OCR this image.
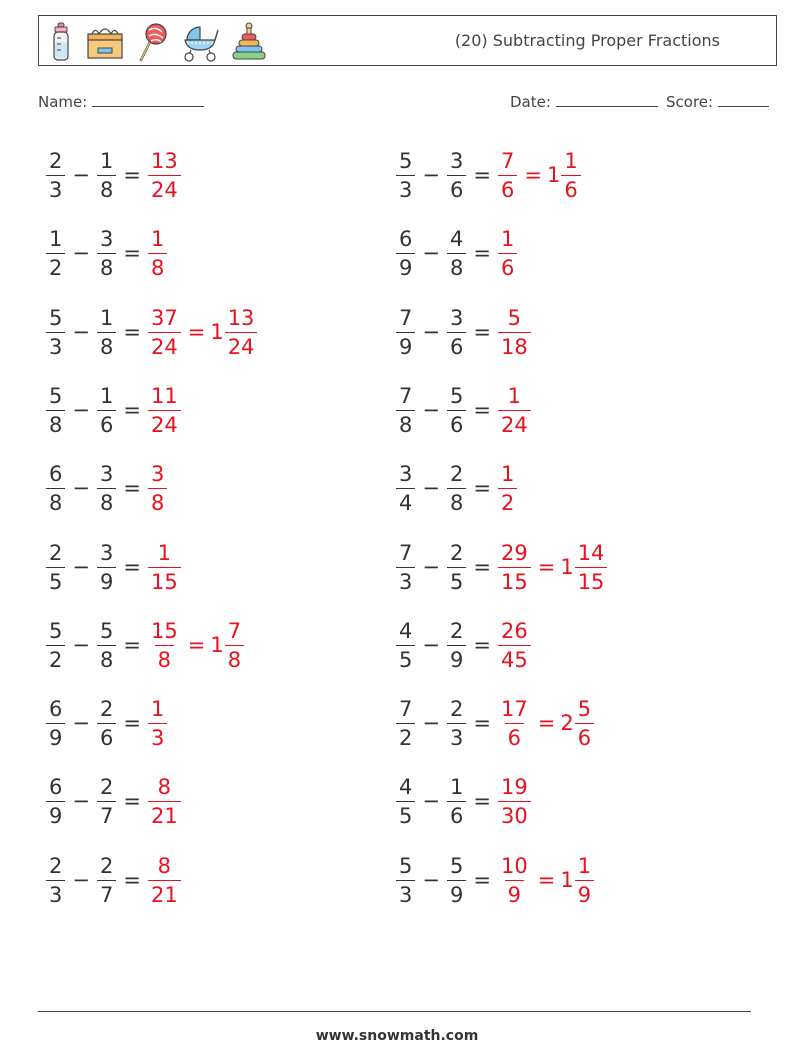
(20) Subtracting Proper Fractions
Name:	Date:	Score:
$\frac{2}{3} - \frac{1}{8} = \frac{13}{24}$	$\frac{5}{3} - \frac{3}{6} = \frac{7}{6} = 1 \frac{1}{6}$
$\frac{1}{2} - \frac{3}{8} = \frac{1}{8}$	$\frac{6}{9} - \frac{4}{8} = \frac{1}{6}$
$\frac{5}{3} - \frac{1}{8} = \frac{37}{24} = 1 \frac{13}{24}$	$\frac{7}{9} - \frac{3}{6} = \frac{5}{18}$
$\frac{5}{8} - \frac{1}{6} = \frac{11}{24}$	$\frac{7}{8} - \frac{5}{6} = \frac{1}{24}$
$\frac{6}{8} - \frac{3}{8} = \frac{3}{8}$	$\frac{3}{4} - \frac{2}{8} = \frac{1}{2}$
$\frac{2}{5} - \frac{3}{9} = \frac{1}{15}$	$\frac{7}{3} - \frac{2}{5} = \frac{29}{15} = 1 \frac{14}{15}$
$\frac{5}{2} - \frac{5}{8} = \frac{15}{8} = 1 \frac{7}{8}$	$\frac{4}{5} - \frac{2}{9} = \frac{26}{45}$
$\frac{6}{9} - \frac{2}{6} = \frac{1}{3}$	$\frac{7}{2} - \frac{2}{3} = \frac{17}{6} = 2 \frac{5}{6}$
$\frac{6}{9} - \frac{2}{7} = \frac{8}{21}$	$\frac{4}{5} - \frac{1}{6} = \frac{19}{30}$
$\frac{2}{3} - \frac{2}{7} = \frac{8}{21}$	$\frac{5}{3} - \frac{5}{9} = \frac{10}{9} = 1 \frac{1}{9}$
www.snowmath.com
